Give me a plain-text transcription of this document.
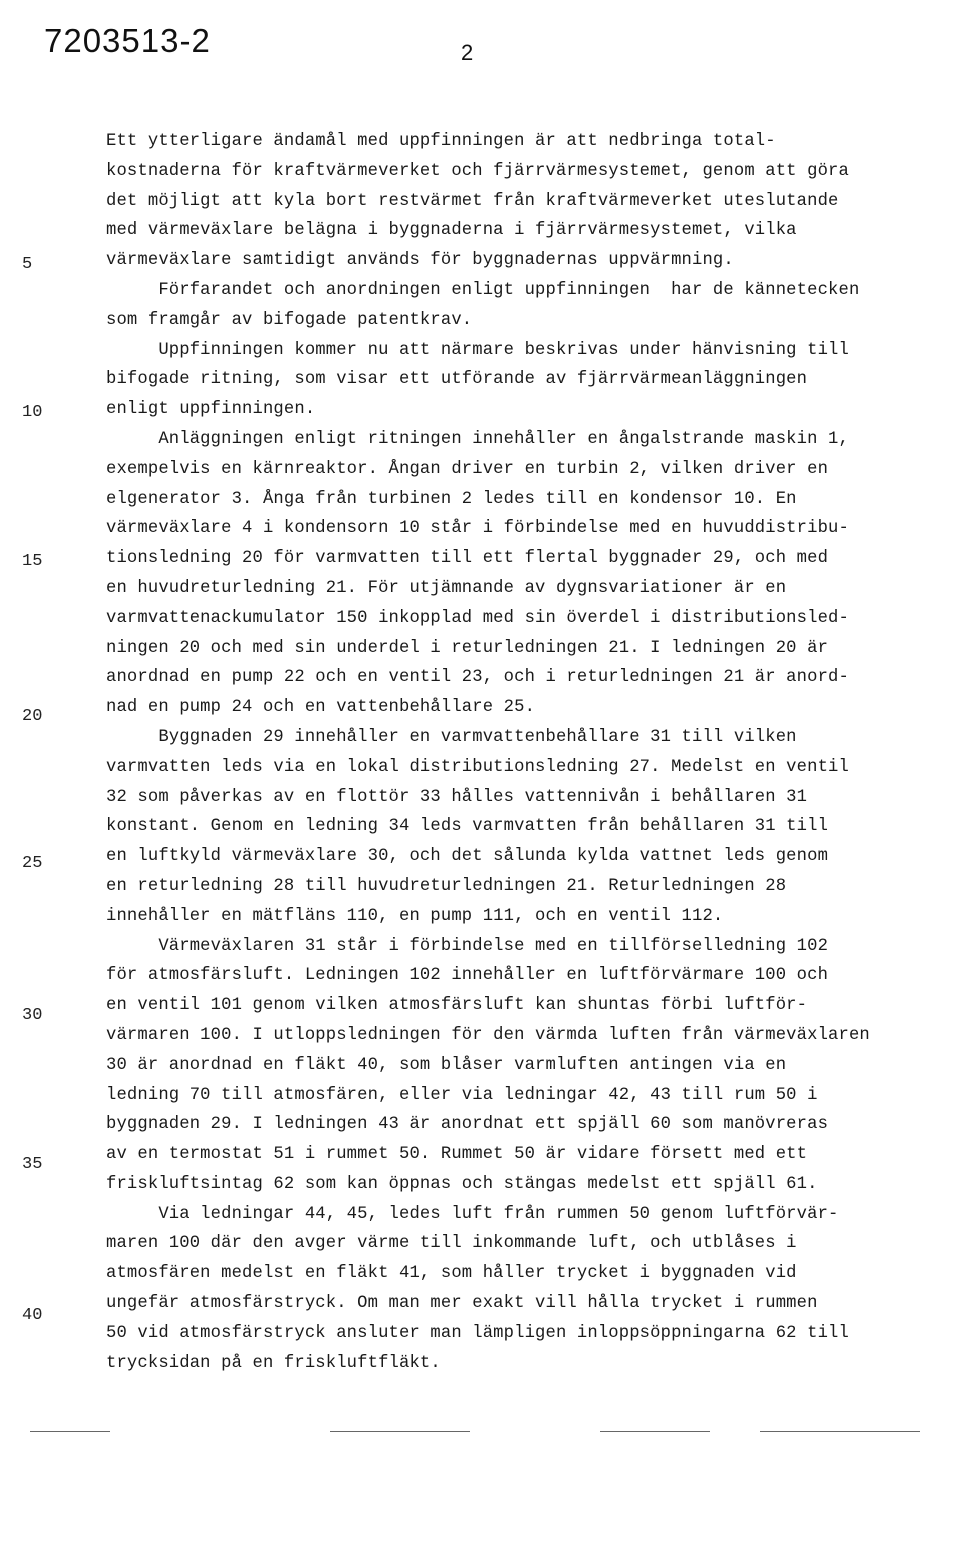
7203513-2	2
5
10
15
20
25
30
35
40
Ett ytterligare ändamål med uppfinningen är att nedbringa total-
kostnaderna för kraftvärmeverket och fjärrvärmesystemet, genom att göra
det möjligt att kyla bort restvärmet från kraftvärmeverket uteslutande
med värmeväxlare belägna i byggnaderna i fjärrvärmesystemet, vilka
värmeväxlare samtidigt används för byggnadernas uppvärmning.
Förfarandet och anordningen enligt uppfinningen  har de kännetecken
som framgår av bifogade patentkrav.
Uppfinningen kommer nu att närmare beskrivas under hänvisning till
bifogade ritning, som visar ett utförande av fjärrvärmeanläggningen
enligt uppfinningen.
Anläggningen enligt ritningen innehåller en ångalstrande maskin 1,
exempelvis en kärnreaktor. Ångan driver en turbin 2, vilken driver en
elgenerator 3. Ånga från turbinen 2 ledes till en kondensor 10. En
värmeväxlare 4 i kondensorn 10 står i förbindelse med en huvuddistribu-
tionsledning 20 för varmvatten till ett flertal byggnader 29, och med
en huvudreturledning 21. För utjämnande av dygnsvariationer är en
varmvattenackumulator 150 inkopplad med sin överdel i distributionsled-
ningen 20 och med sin underdel i returledningen 21. I ledningen 20 är
anordnad en pump 22 och en ventil 23, och i returledningen 21 är anord-
nad en pump 24 och en vattenbehållare 25.
Byggnaden 29 innehåller en varmvattenbehållare 31 till vilken
varmvatten leds via en lokal distributionsledning 27. Medelst en ventil
32 som påverkas av en flottör 33 hålles vattennivån i behållaren 31
konstant. Genom en ledning 34 leds varmvatten från behållaren 31 till
en luftkyld värmeväxlare 30, och det sålunda kylda vattnet leds genom
en returledning 28 till huvudreturledningen 21. Returledningen 28
innehåller en mätfläns 110, en pump 111, och en ventil 112.
Värmeväxlaren 31 står i förbindelse med en tillförselledning 102
för atmosfärsluft. Ledningen 102 innehåller en luftförvärmare 100 och
en ventil 101 genom vilken atmosfärsluft kan shuntas förbi luftför-
värmaren 100. I utloppsledningen för den värmda luften från värmeväxlaren
30 är anordnad en fläkt 40, som blåser varmluften antingen via en
ledning 70 till atmosfären, eller via ledningar 42, 43 till rum 50 i
byggnaden 29. I ledningen 43 är anordnat ett spjäll 60 som manövreras
av en termostat 51 i rummet 50. Rummet 50 är vidare försett med ett
friskluftsintag 62 som kan öppnas och stängas medelst ett spjäll 61.
Via ledningar 44, 45, ledes luft från rummen 50 genom luftförvär-
maren 100 där den avger värme till inkommande luft, och utblåses i
atmosfären medelst en fläkt 41, som håller trycket i byggnaden vid
ungefär atmosfärstryck. Om man mer exakt vill hålla trycket i rummen
50 vid atmosfärstryck ansluter man lämpligen inloppsöppningarna 62 till
trycksidan på en friskluftfläkt.
